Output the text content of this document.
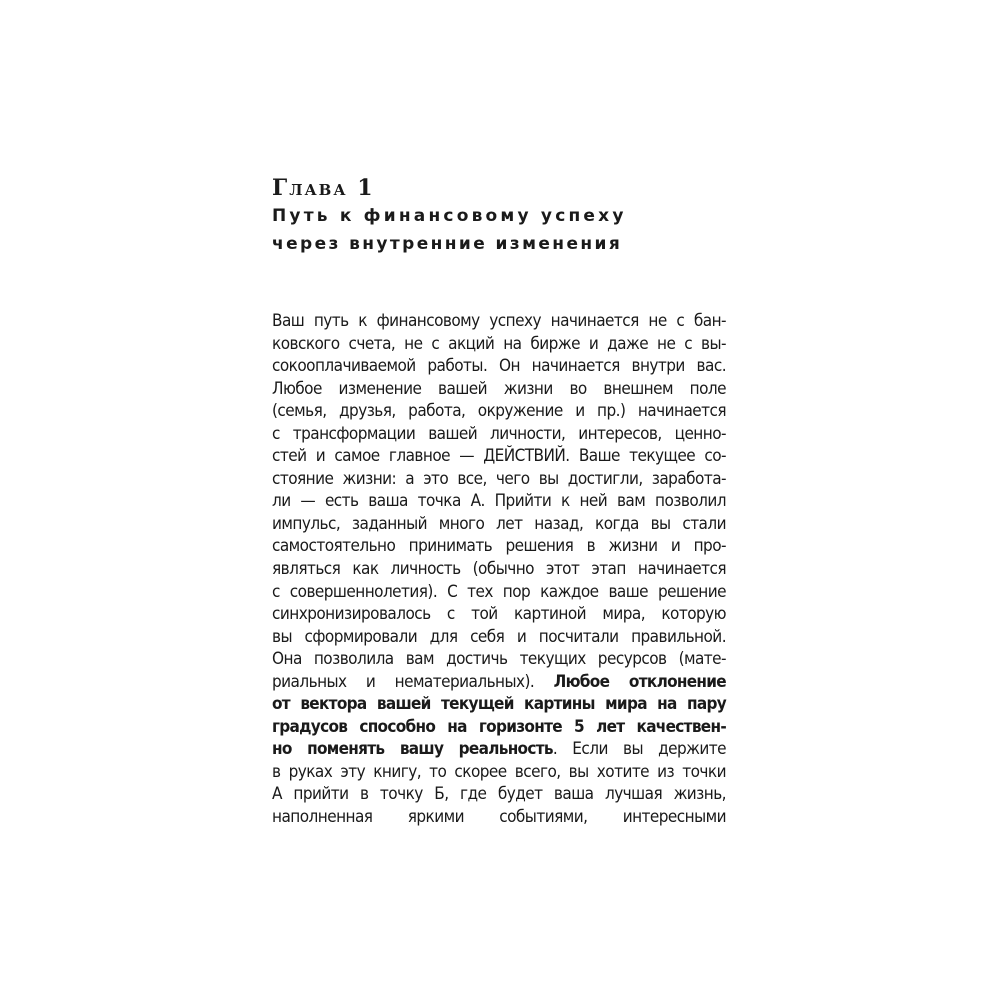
Глава 1
Путь к финансовому успеху
через внутренние изменения
Ваш путь к финансовому успеху начинается не с бан-
ковского счета, не с акций на бирже и даже не с вы-
сокооплачиваемой работы. Он начинается внутри вас.
Любое изменение вашей жизни во внешнем поле
(семья, друзья, работа, окружение и пр.) начинается
с трансформации вашей личности, интересов, ценно-
стей и самое главное — ДЕЙСТВИЙ. Ваше текущее со-
стояние жизни: а это все, чего вы достигли, заработа-
ли — есть ваша точка А. Прийти к ней вам позволил
импульс, заданный много лет назад, когда вы стали
самостоятельно принимать решения в жизни и про-
являться как личность (обычно этот этап начинается
с совершеннолетия). С тех пор каждое ваше решение
синхронизировалось с той картиной мира, которую
вы сформировали для себя и посчитали правильной.
Она позволила вам достичь текущих ресурсов (мате-
риальных и нематериальных). Любое отклонение
от вектора вашей текущей картины мира на пару
градусов способно на горизонте 5 лет качествен-
но поменять вашу реальность. Если вы держите
в руках эту книгу, то скорее всего, вы хотите из точки
А прийти в точку Б, где будет ваша лучшая жизнь,
наполненная яркими событиями, интересными
